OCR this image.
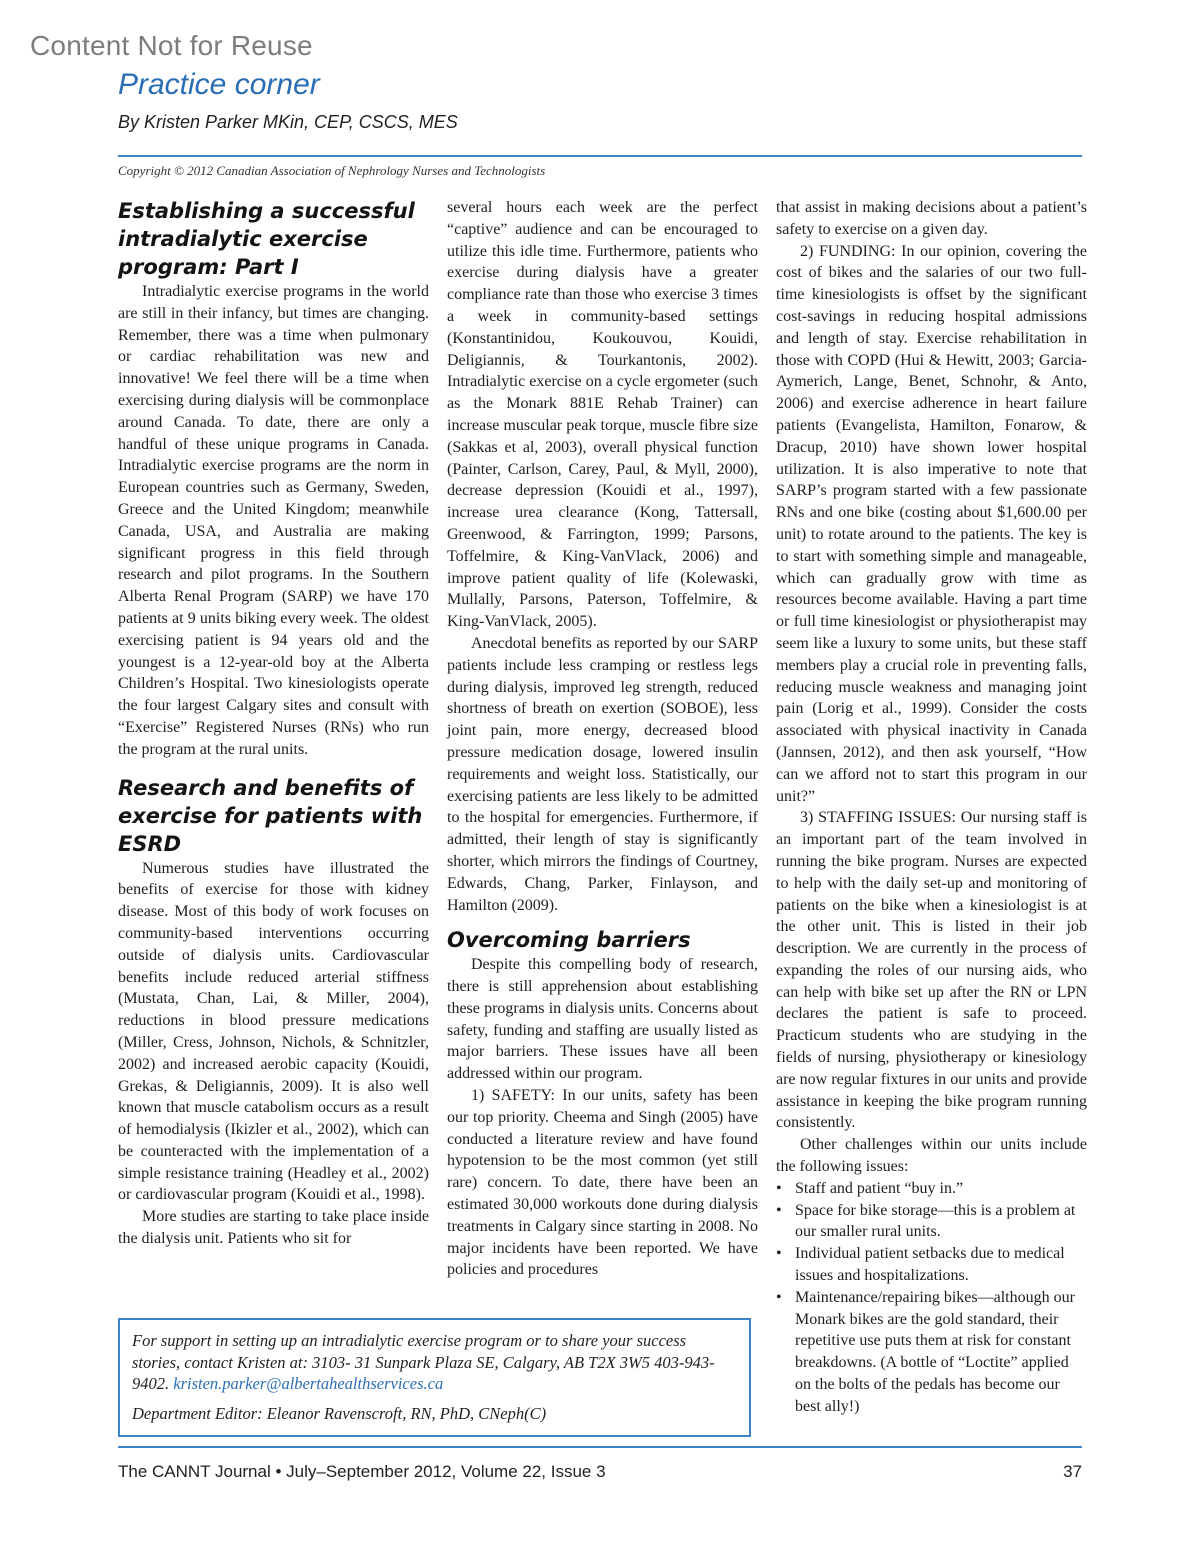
Content Not for Reuse
Practice corner
By Kristen Parker MKin, CEP, CSCS, MES
Copyright © 2012 Canadian Association of Nephrology Nurses and Technologists
Establishing a successful intradialytic exercise program: Part I

Intradialytic exercise programs in the world are still in their infancy, but times are changing. Remember, there was a time when pulmonary or cardiac rehabilitation was new and innovative! We feel there will be a time when exercising during dialysis will be commonplace around Canada. To date, there are only a handful of these unique programs in Canada. Intradialytic exercise programs are the norm in European countries such as Germany, Sweden, Greece and the United Kingdom; meanwhile Canada, USA, and Australia are making significant progress in this field through research and pilot programs. In the Southern Alberta Renal Program (SARP) we have 170 patients at 9 units biking every week. The oldest exercising patient is 94 years old and the youngest is a 12-year-old boy at the Alberta Children’s Hospital. Two kinesiologists operate the four largest Calgary sites and consult with “Exercise” Registered Nurses (RNs) who run the program at the rural units.

Research and benefits of exercise for patients with ESRD

Numerous studies have illustrated the benefits of exercise for those with kidney disease. Most of this body of work focuses on community-based interventions occurring outside of dialysis units. Cardiovascular benefits include reduced arterial stiffness (Mustata, Chan, Lai, & Miller, 2004), reductions in blood pressure medications (Miller, Cress, Johnson, Nichols, & Schnitzler, 2002) and increased aerobic capacity (Kouidi, Grekas, & Deligiannis, 2009). It is also well known that muscle catabolism occurs as a result of hemodialysis (Ikizler et al., 2002), which can be counteracted with the implementation of a simple resistance training (Headley et al., 2002) or cardiovascular program (Kouidi et al., 1998).

More studies are starting to take place inside the dialysis unit. Patients who sit for

several hours each week are the perfect “captive” audience and can be encouraged to utilize this idle time. Furthermore, patients who exercise during dialysis have a greater compliance rate than those who exercise 3 times a week in community-based settings (Konstantinidou, Koukouvou, Kouidi, Deligiannis, & Tourkantonis, 2002). Intradialytic exercise on a cycle ergometer (such as the Monark 881E Rehab Trainer) can increase muscular peak torque, muscle fibre size (Sakkas et al, 2003), overall physical function (Painter, Carlson, Carey, Paul, & Myll, 2000), decrease depression (Kouidi et al., 1997), increase urea clearance (Kong, Tattersall, Greenwood, & Farrington, 1999; Parsons, Toffelmire, & King-VanVlack, 2006) and improve patient quality of life (Kolewaski, Mullally, Parsons, Paterson, Toffelmire, & King-VanVlack, 2005).

Anecdotal benefits as reported by our SARP patients include less cramping or restless legs during dialysis, improved leg strength, reduced shortness of breath on exertion (SOBOE), less joint pain, more energy, decreased blood pressure medication dosage, lowered insulin requirements and weight loss. Statistically, our exercising patients are less likely to be admitted to the hospital for emergencies. Furthermore, if admitted, their length of stay is significantly shorter, which mirrors the findings of Courtney, Edwards, Chang, Parker, Finlayson, and Hamilton (2009).

Overcoming barriers

Despite this compelling body of research, there is still apprehension about establishing these programs in dialysis units. Concerns about safety, funding and staffing are usually listed as major barriers. These issues have all been addressed within our program.

1) SAFETY: In our units, safety has been our top priority. Cheema and Singh (2005) have conducted a literature review and have found hypotension to be the most common (yet still rare) concern. To date, there have been an estimated 30,000 workouts done during dialysis treatments in Calgary since starting in 2008. No major incidents have been reported. We have policies and procedures

that assist in making decisions about a patient’s safety to exercise on a given day.

2) FUNDING: In our opinion, covering the cost of bikes and the salaries of our two full-time kinesiologists is offset by the significant cost-savings in reducing hospital admissions and length of stay. Exercise rehabilitation in those with COPD (Hui & Hewitt, 2003; Garcia-Aymerich, Lange, Benet, Schnohr, & Anto, 2006) and exercise adherence in heart failure patients (Evangelista, Hamilton, Fonarow, & Dracup, 2010) have shown lower hospital utilization. It is also imperative to note that SARP’s program started with a few passionate RNs and one bike (costing about $1,600.00 per unit) to rotate around to the patients. The key is to start with something simple and manageable, which can gradually grow with time as resources become available. Having a part time or full time kinesiologist or physiotherapist may seem like a luxury to some units, but these staff members play a crucial role in preventing falls, reducing muscle weakness and managing joint pain (Lorig et al., 1999). Consider the costs associated with physical inactivity in Canada (Jannsen, 2012), and then ask yourself, “How can we afford not to start this program in our unit?”

3) STAFFING ISSUES: Our nursing staff is an important part of the team involved in running the bike program. Nurses are expected to help with the daily set-up and monitoring of patients on the bike when a kinesiologist is at the other unit. This is listed in their job description. We are currently in the process of expanding the roles of our nursing aids, who can help with bike set up after the RN or LPN declares the patient is safe to proceed. Practicum students who are studying in the fields of nursing, physiotherapy or kinesiology are now regular fixtures in our units and provide assistance in keeping the bike program running consistently.

Other challenges within our units include the following issues:

• Staff and patient “buy in.”
• Space for bike storage—this is a problem at our smaller rural units.
• Individual patient setbacks due to medical issues and hospitalizations.
• Maintenance/repairing bikes—although our Monark bikes are the gold standard, their repetitive use puts them at risk for constant breakdowns. (A bottle of “Loctite” applied on the bolts of the pedals has become our best ally!)
For support in setting up an intradialytic exercise program or to share your success stories, contact Kristen at: 3103- 31 Sunpark Plaza SE, Calgary, AB T2X 3W5 403-943-9402. kristen.parker@albertahealthservices.ca
Department Editor: Eleanor Ravenscroft, RN, PhD, CNeph(C)
The CANNT Journal • July–September 2012, Volume 22, Issue 3	37
